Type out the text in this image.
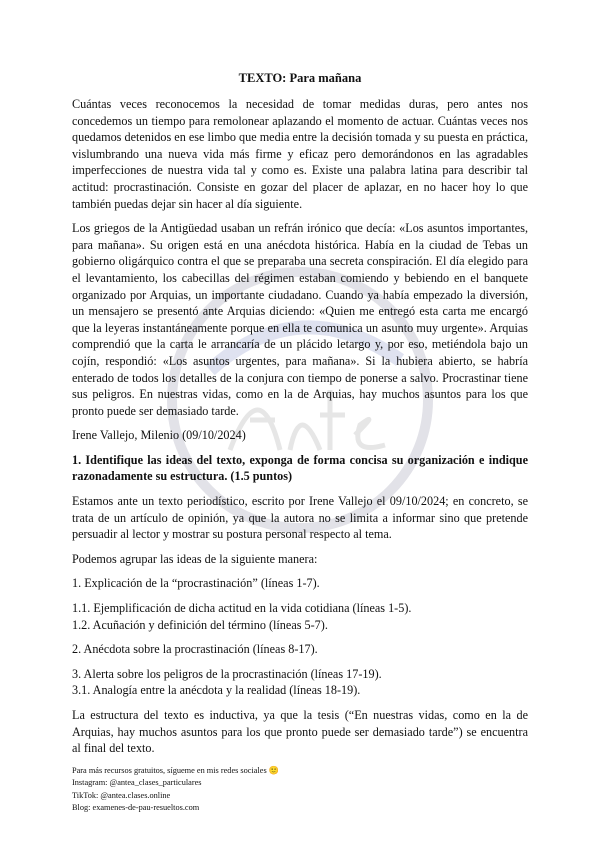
TEXTO: Para mañana
Cuántas veces reconocemos la necesidad de tomar medidas duras, pero antes nos concedemos un tiempo para remolonear aplazando el momento de actuar. Cuántas veces nos quedamos detenidos en ese limbo que media entre la decisión tomada y su puesta en práctica, vislumbrando una nueva vida más firme y eficaz pero demorándonos en las agradables imperfecciones de nuestra vida tal y como es. Existe una palabra latina para describir tal actitud: procrastinación. Consiste en gozar del placer de aplazar, en no hacer hoy lo que también puedas dejar sin hacer al día siguiente.
Los griegos de la Antigüedad usaban un refrán irónico que decía: «Los asuntos importantes, para mañana». Su origen está en una anécdota histórica. Había en la ciudad de Tebas un gobierno oligárquico contra el que se preparaba una secreta conspiración. El día elegido para el levantamiento, los cabecillas del régimen estaban comiendo y bebiendo en el banquete organizado por Arquias, un importante ciudadano. Cuando ya había empezado la diversión, un mensajero se presentó ante Arquias diciendo: «Quien me entregó esta carta me encargó que la leyeras instantáneamente porque en ella te comunica un asunto muy urgente». Arquias comprendió que la carta le arrancaría de un plácido letargo y, por eso, metiéndola bajo un cojín, respondió: «Los asuntos urgentes, para mañana». Si la hubiera abierto, se habría enterado de todos los detalles de la conjura con tiempo de ponerse a salvo. Procrastinar tiene sus peligros. En nuestras vidas, como en la de Arquias, hay muchos asuntos para los que pronto puede ser demasiado tarde.
Irene Vallejo, Milenio (09/10/2024)
1. Identifique las ideas del texto, exponga de forma concisa su organización e indique razonadamente su estructura. (1.5 puntos)
Estamos ante un texto periodístico, escrito por Irene Vallejo el 09/10/2024; en concreto, se trata de un artículo de opinión, ya que la autora no se limita a informar sino que pretende persuadir al lector y mostrar su postura personal respecto al tema.
Podemos agrupar las ideas de la siguiente manera:
1. Explicación de la “procrastinación” (líneas 1-7).
1.1. Ejemplificación de dicha actitud en la vida cotidiana (líneas 1-5).
1.2. Acuñación y definición del término (líneas 5-7).
2. Anécdota sobre la procrastinación (líneas 8-17).
3. Alerta sobre los peligros de la procrastinación (líneas 17-19).
3.1. Analogía entre la anécdota y la realidad (líneas 18-19).
La estructura del texto es inductiva, ya que la tesis (“En nuestras vidas, como en la de Arquias, hay muchos asuntos para los que pronto puede ser demasiado tarde”) se encuentra al final del texto.
Para más recursos gratuitos, sígueme en mis redes sociales 🙂
Instagram: @antea_clases_particulares
TikTok: @antea.clases.online
Blog: examenes-de-pau-resueltos.com
